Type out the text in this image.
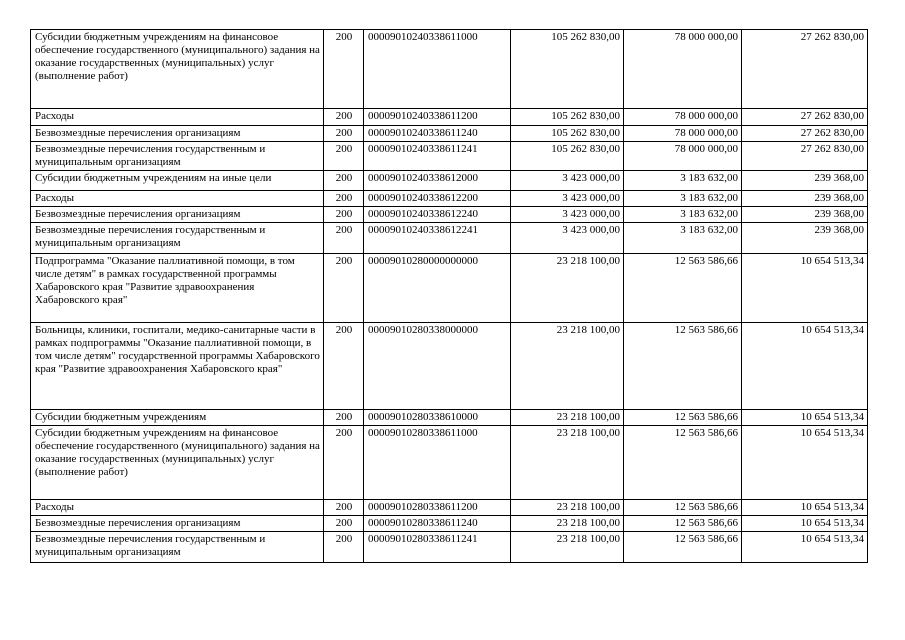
Субсидии бюджетным учреждениям на финансовое обеспечение государственного (муниципального) задания на оказание государственных (муниципальных) услуг (выполнение работ)	200	00009010240338611000	105 262 830,00	78 000 000,00	27 262 830,00
Расходы	200	00009010240338611200	105 262 830,00	78 000 000,00	27 262 830,00
Безвозмездные перечисления организациям	200	00009010240338611240	105 262 830,00	78 000 000,00	27 262 830,00
Безвозмездные перечисления государственным и муниципальным организациям	200	00009010240338611241	105 262 830,00	78 000 000,00	27 262 830,00
Субсидии бюджетным учреждениям на иные цели	200	00009010240338612000	3 423 000,00	3 183 632,00	239 368,00
Расходы	200	00009010240338612200	3 423 000,00	3 183 632,00	239 368,00
Безвозмездные перечисления организациям	200	00009010240338612240	3 423 000,00	3 183 632,00	239 368,00
Безвозмездные перечисления государственным и муниципальным организациям	200	00009010240338612241	3 423 000,00	3 183 632,00	239 368,00
Подпрограмма "Оказание паллиативной помощи, в том числе детям" в рамках государственной программы Хабаровского края "Развитие здравоохранения Хабаровского края"	200	00009010280000000000	23 218 100,00	12 563 586,66	10 654 513,34
Больницы, клиники, госпитали, медико-санитарные части в рамках подпрограммы "Оказание паллиативной помощи, в том числе детям" государственной программы Хабаровского края "Развитие здравоохранения Хабаровского края"	200	00009010280338000000	23 218 100,00	12 563 586,66	10 654 513,34
Субсидии бюджетным учреждениям	200	00009010280338610000	23 218 100,00	12 563 586,66	10 654 513,34
Субсидии бюджетным учреждениям на финансовое обеспечение государственного (муниципального) задания на оказание государственных (муниципальных) услуг (выполнение работ)	200	00009010280338611000	23 218 100,00	12 563 586,66	10 654 513,34
Расходы	200	00009010280338611200	23 218 100,00	12 563 586,66	10 654 513,34
Безвозмездные перечисления организациям	200	00009010280338611240	23 218 100,00	12 563 586,66	10 654 513,34
Безвозмездные перечисления государственным и муниципальным организациям	200	00009010280338611241	23 218 100,00	12 563 586,66	10 654 513,34
